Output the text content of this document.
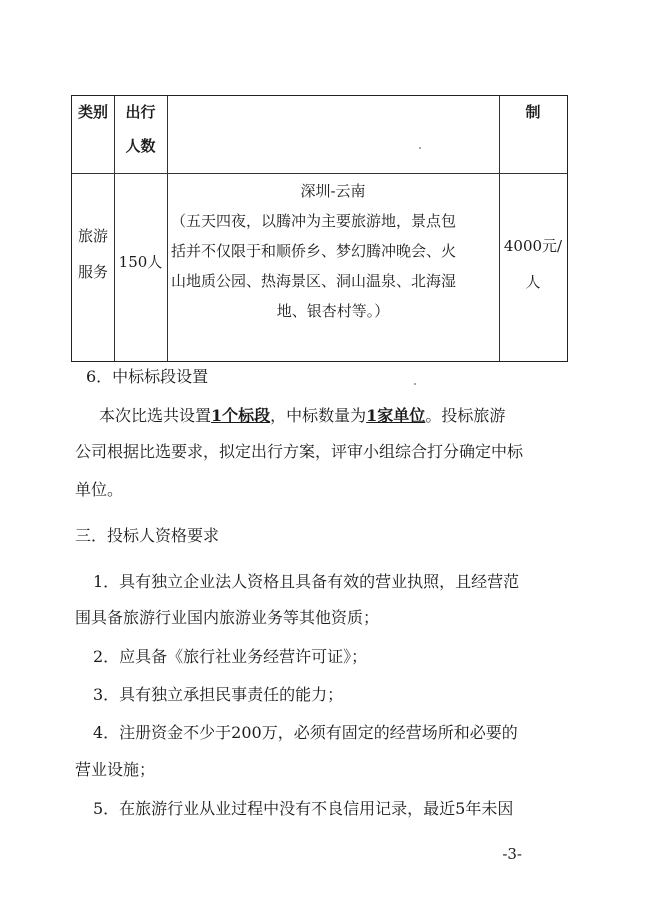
类别	出行
人数
制
旅游
服务
150人
深圳-云南
（五天四夜，以腾冲为主要旅游地，景点包
括并不仅限于和顺侨乡、梦幻腾冲晚会、火
山地质公园、热海景区、洞山温泉、北海湿
地、银杏村等。）
4000元/
人
6．中标标段设置
本次比选共设置1个标段，中标数量为1家单位。投标旅游
公司根据比选要求，拟定出行方案，评审小组综合打分确定中标
单位。
三．投标人资格要求
1．具有独立企业法人资格且具备有效的营业执照，且经营范
围具备旅游行业国内旅游业务等其他资质；
2．应具备《旅行社业务经营许可证》；
3．具有独立承担民事责任的能力；
4．注册资金不少于200万，必须有固定的经营场所和必要的
营业设施；
5．在旅游行业从业过程中没有不良信用记录，最近5年未因
-3-
